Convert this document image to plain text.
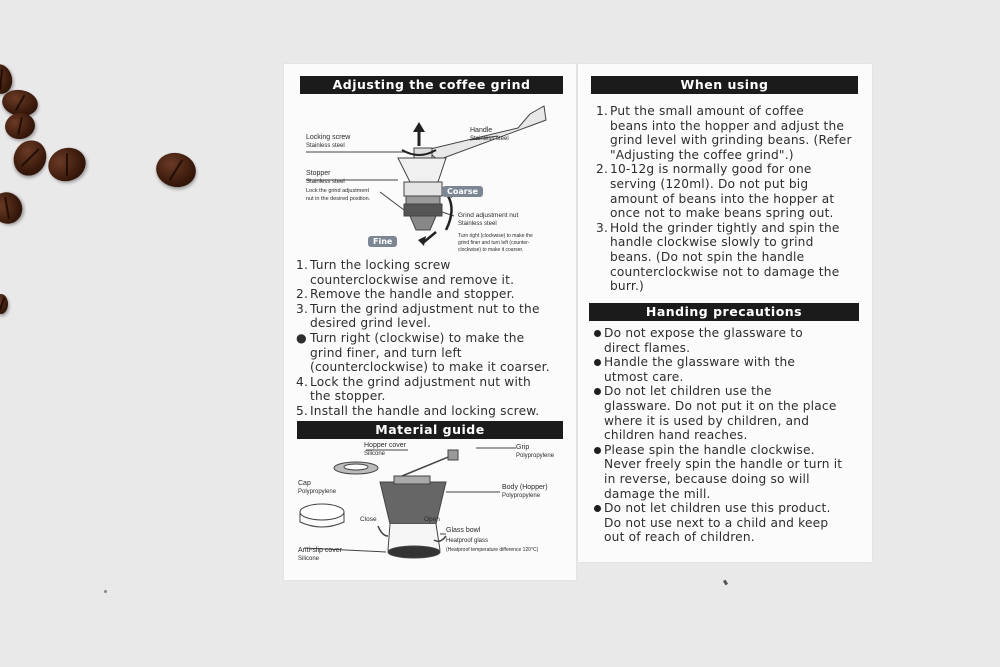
Adjusting the coffee grind
Locking screw
Stainless steel
Handle
Stainless steel
Stopper
Stainless steel
Lock the grind adjustment
nut in the desired position.
Coarse
Fine
Grind adjustment nut
Stainless steel
Turn right (clockwise) to make the
grind finer and turn left (counter-
clockwise) to make it coarser.
1. Turn the locking screw
counterclockwise and remove it.
2. Remove the handle and stopper.
3. Turn the grind adjustment nut to the
desired grind level.
● Turn right (clockwise) to make the
grind finer, and turn left
(counterclockwise) to make it coarser.
4. Lock the grind adjustment nut with
the stopper.
5. Install the handle and locking screw.
Material guide
Hopper cover
Silicone
Grip
Polypropylene
Cap
Polypropylene
Body (Hopper)
Polypropylene
Close	Open
Glass bowl
Heatproof glass
(Heatproof temperature difference 120°C)
Anti-slip cover
Silicone
When using
1. Put the small amount of coffee
beans into the hopper and adjust the
grind level with grinding beans. (Refer
"Adjusting the coffee grind".)
2. 10-12g is normally good for one
serving (120ml). Do not put big
amount of beans into the hopper at
once not to make beans spring out.
3. Hold the grinder tightly and spin the
handle clockwise slowly to grind
beans. (Do not spin the handle
counterclockwise not to damage the
burr.)
Handing precautions
Do not expose the glassware to
direct flames.
Handle the glassware with the
utmost care.
Do not let children use the
glassware. Do not put it on the place
where it is used by children, and
children hand reaches.
Please spin the handle clockwise.
Never freely spin the handle or turn it
in reverse, because doing so will
damage the mill.
Do not let children use this product.
Do not use next to a child and keep
out of reach of children.
